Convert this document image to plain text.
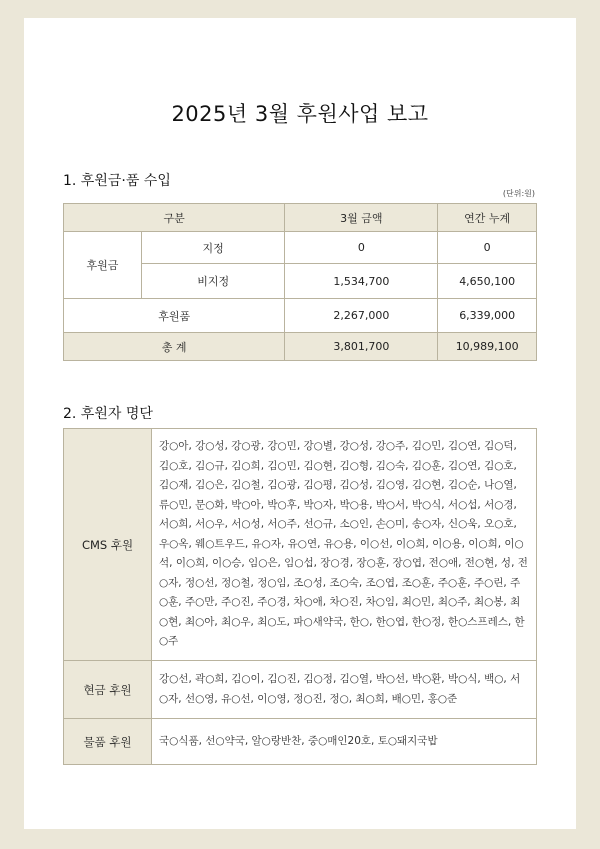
2025년 3월 후원사업 보고
1. 후원금·품 수입
(단위:원)
구분		3월 금액	연간 누계
후원금	지정	0	0
	비지정	1,534,700	4,650,100
후원품		2,267,000	6,339,000
총 계		3,801,700	10,989,100
2. 후원자 명단
CMS 후원	강○아, 강○성, 강○광, 강○민, 강○별, 강○성, 강○주, 김○민, 김○연, 김○덕, 김○호, 김○규, 김○희, 김○민, 김○현, 김○형, 김○숙, 김○훈, 김○연, 김○호, 김○재, 김○은, 김○철, 김○광, 김○평, 김○성, 김○영, 김○현, 김○순, 나○열, 류○민, 문○화, 박○아, 박○후, 박○자, 박○용, 박○서, 박○식, 서○섭, 서○경, 서○희, 서○우, 서○성, 서○주, 선○규, 소○인, 손○미, 송○자, 신○욱, 오○호, 우○옥, 웨○트우드, 유○자, 유○연, 유○용, 이○선, 이○희, 이○용, 이○희, 이○석, 이○희, 이○승, 임○은, 임○섭, 장○경, 장○훈, 장○엽, 전○애, 전○현, 성, 전○자, 정○선, 정○철, 정○임, 조○성, 조○숙, 조○엽, 조○훈, 주○훈, 주○린, 주○훈, 주○만, 주○진, 주○경, 차○애, 차○진, 차○임, 최○민, 최○주, 최○봉, 최○현, 최○아, 최○우, 최○도, 파○새약국, 한○, 한○엽, 한○정, 한○스프레스, 한○주
현금 후원	강○선, 곽○희, 김○이, 김○진, 김○정, 김○열, 박○선, 박○환, 박○식, 백○, 서○자, 선○영, 유○선, 이○영, 정○진, 정○, 최○희, 배○민, 홍○준
물품 후원	국○식품, 선○약국, 알○랑반찬, 중○매인20호, 토○돼지국밥
